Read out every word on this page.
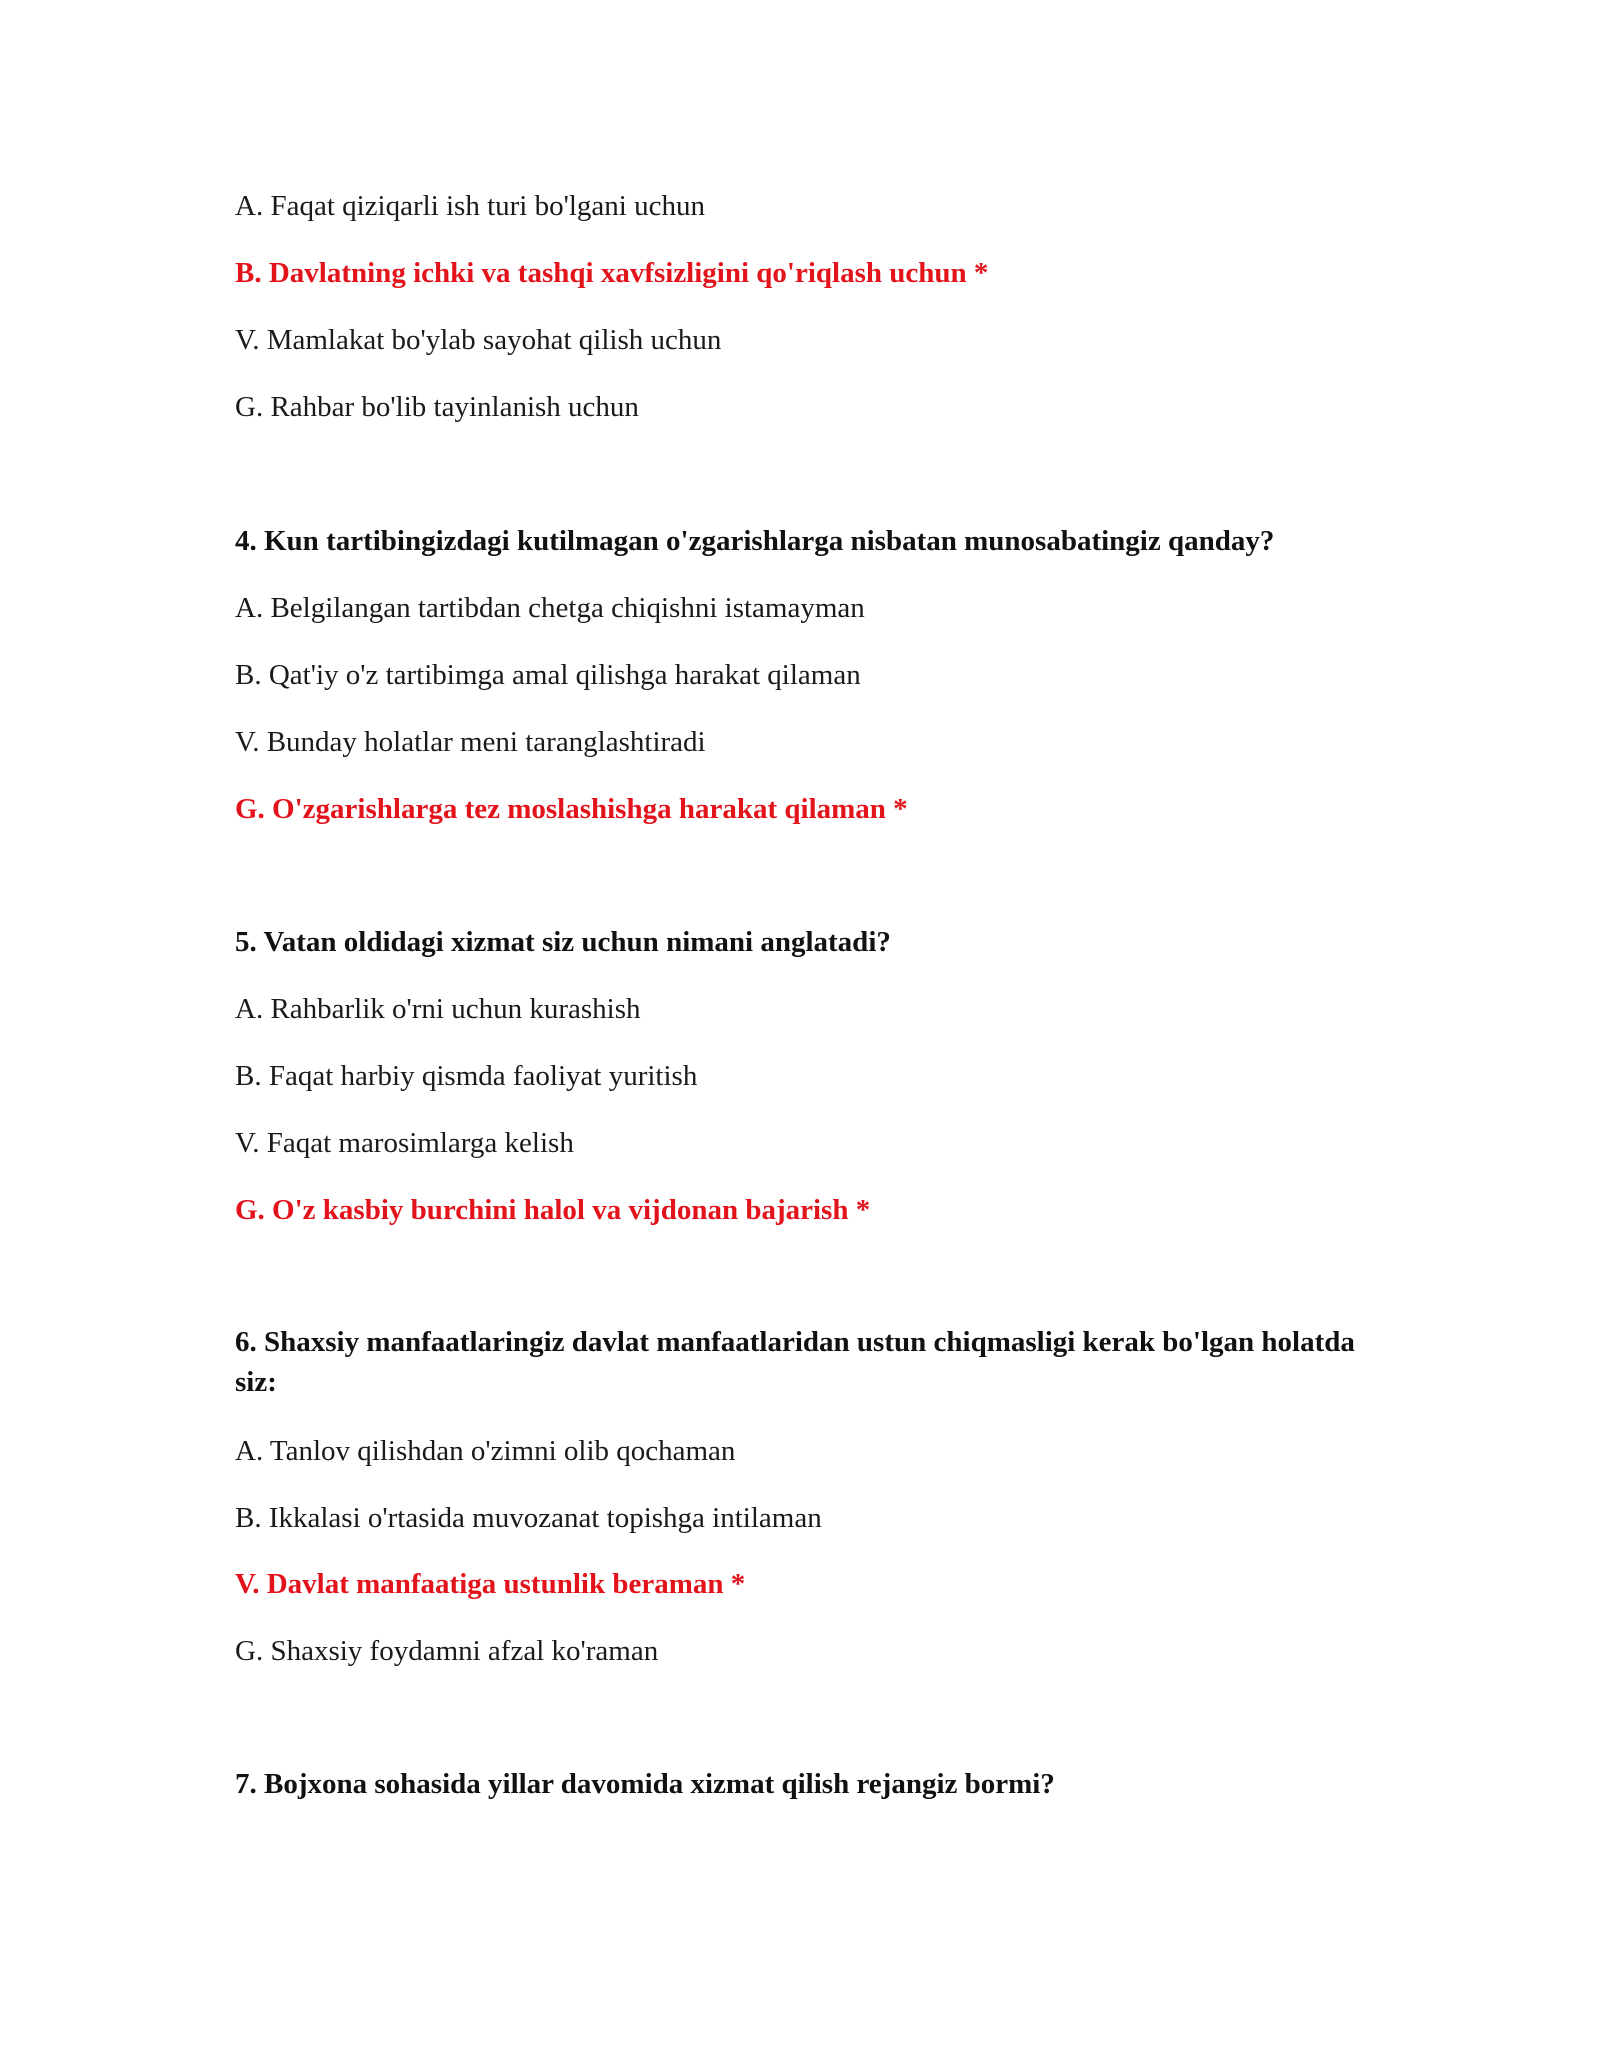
A. Faqat qiziqarli ish turi bo'lgani uchun
B. Davlatning ichki va tashqi xavfsizligini qo'riqlash uchun *
V. Mamlakat bo'ylab sayohat qilish uchun
G. Rahbar bo'lib tayinlanish uchun
4. Kun tartibingizdagi kutilmagan o'zgarishlarga nisbatan munosabatingiz qanday?
A. Belgilangan tartibdan chetga chiqishni istamayman
B. Qat'iy o'z tartibimga amal qilishga harakat qilaman
V. Bunday holatlar meni taranglashtiradi
G. O'zgarishlarga tez moslashishga harakat qilaman *
5. Vatan oldidagi xizmat siz uchun nimani anglatadi?
A. Rahbarlik o'rni uchun kurashish
B. Faqat harbiy qismda faoliyat yuritish
V. Faqat marosimlarga kelish
G. O'z kasbiy burchini halol va vijdonan bajarish *
6. Shaxsiy manfaatlaringiz davlat manfaatlaridan ustun chiqmasligi kerak bo'lgan holatda siz:
A. Tanlov qilishdan o'zimni olib qochaman
B. Ikkalasi o'rtasida muvozanat topishga intilaman
V. Davlat manfaatiga ustunlik beraman *
G. Shaxsiy foydamni afzal ko'raman
7. Bojxona sohasida yillar davomida xizmat qilish rejangiz bormi?
